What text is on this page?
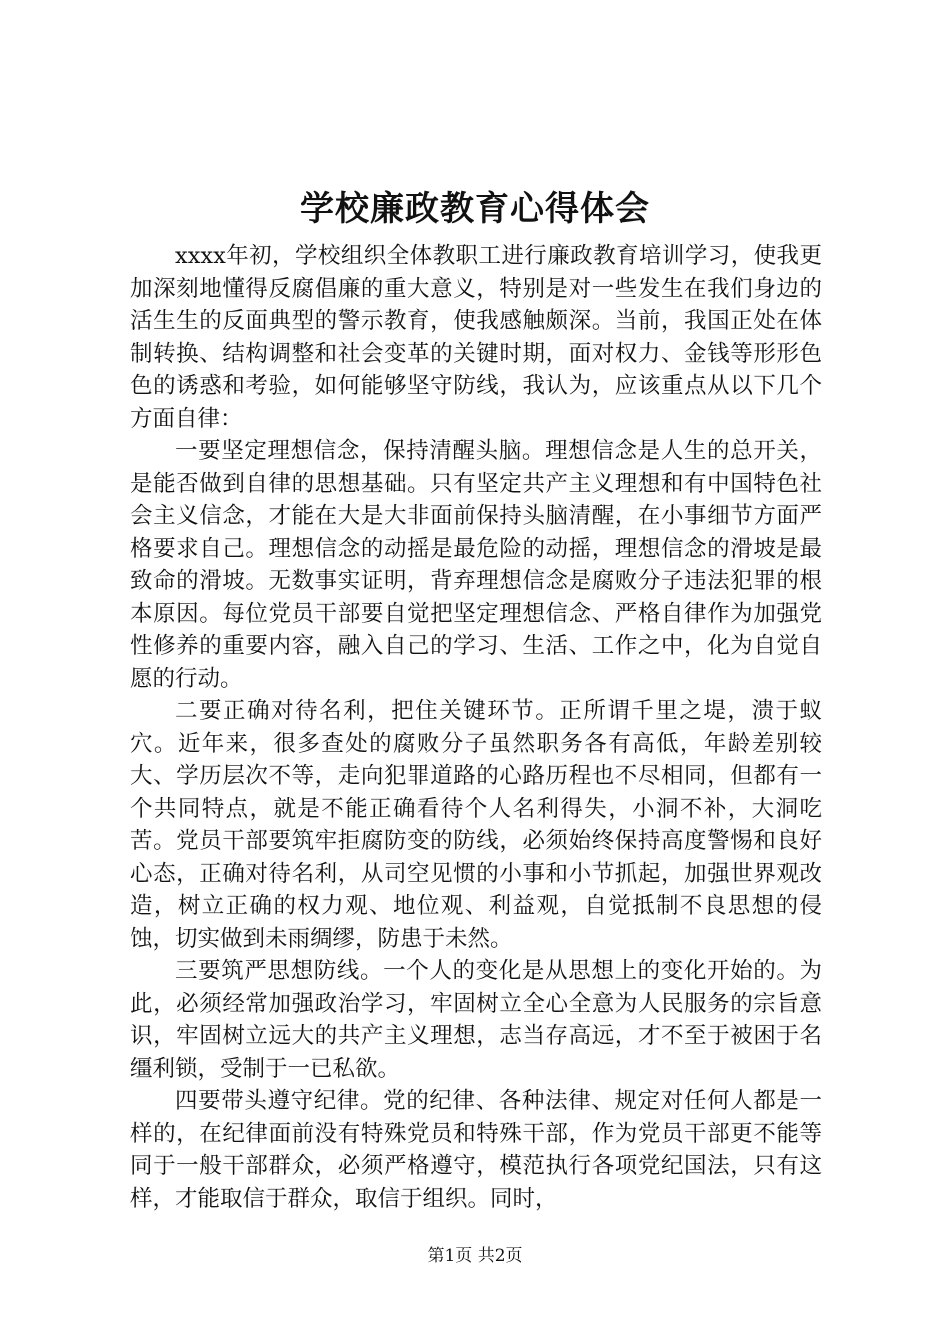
学校廉政教育心得体会

xxxx年初，学校组织全体教职工进行廉政教育培训学习，使我更加深刻地懂得反腐倡廉的重大意义，特别是对一些发生在我们身边的活生生的反面典型的警示教育，使我感触颇深。当前，我国正处在体制转换、结构调整和社会变革的关键时期，面对权力、金钱等形形色色的诱惑和考验，如何能够坚守防线，我认为，应该重点从以下几个方面自律：

一要坚定理想信念，保持清醒头脑。理想信念是人生的总开关，是能否做到自律的思想基础。只有坚定共产主义理想和有中国特色社会主义信念，才能在大是大非面前保持头脑清醒，在小事细节方面严格要求自己。理想信念的动摇是最危险的动摇，理想信念的滑坡是最致命的滑坡。无数事实证明，背弃理想信念是腐败分子违法犯罪的根本原因。每位党员干部要自觉把坚定理想信念、严格自律作为加强党性修养的重要内容，融入自己的学习、生活、工作之中，化为自觉自愿的行动。

二要正确对待名利，把住关键环节。正所谓千里之堤，溃于蚁穴。近年来，很多查处的腐败分子虽然职务各有高低，年龄差别较大、学历层次不等，走向犯罪道路的心路历程也不尽相同，但都有一个共同特点，就是不能正确看待个人名利得失，小洞不补，大洞吃苦。党员干部要筑牢拒腐防变的防线，必须始终保持高度警惕和良好心态，正确对待名利，从司空见惯的小事和小节抓起，加强世界观改造，树立正确的权力观、地位观、利益观，自觉抵制不良思想的侵蚀，切实做到未雨绸缪，防患于未然。

三要筑严思想防线。一个人的变化是从思想上的变化开始的。为此，必须经常加强政治学习，牢固树立全心全意为人民服务的宗旨意识，牢固树立远大的共产主义理想，志当存高远，才不至于被困于名缰利锁，受制于一已私欲。

四要带头遵守纪律。党的纪律、各种法律、规定对任何人都是一样的，在纪律面前没有特殊党员和特殊干部，作为党员干部更不能等同于一般干部群众，必须严格遵守，模范执行各项党纪国法，只有这样，才能取信于群众，取信于组织。同时，

第1页 共2页
